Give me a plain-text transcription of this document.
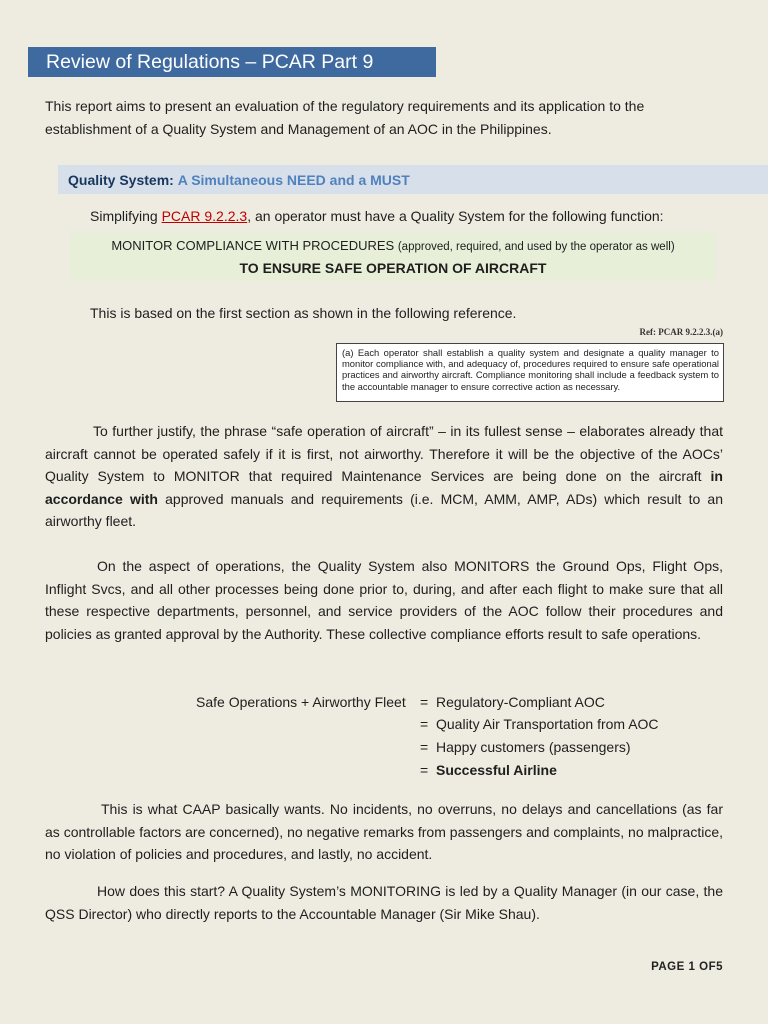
Review of Regulations – PCAR Part 9
This report aims to present an evaluation of the regulatory requirements and its application to the
establishment of a Quality System and Management of an AOC in the Philippines.
Quality System: A Simultaneous NEED and a MUST
Simplifying PCAR 9.2.2.3, an operator must have a Quality System for the following function:
MONITOR COMPLIANCE WITH PROCEDURES (approved, required, and used by the operator as well)
TO ENSURE SAFE OPERATION OF AIRCRAFT
This is based on the first section as shown in the following reference.
Ref: PCAR 9.2.2.3.(a)
(a) Each operator shall establish a quality system and designate a quality manager to monitor compliance with, and adequacy of, procedures required to ensure safe operational practices and airworthy aircraft. Compliance monitoring shall include a feedback system to the accountable manager to ensure corrective action as necessary.

To further justify, the phrase “safe operation of aircraft” – in its fullest sense – elaborates already that aircraft cannot be operated safely if it is first, not airworthy. Therefore it will be the objective of the AOCs’ Quality System to MONITOR that required Maintenance Services are being done on the aircraft in accordance with approved manuals and requirements (i.e. MCM, AMM, AMP, ADs) which result to an airworthy fleet.

On the aspect of operations, the Quality System also MONITORS the Ground Ops, Flight Ops, Inflight Svcs, and all other processes being done prior to, during, and after each flight to make sure that all these respective departments, personnel, and service providers of the AOC follow their procedures and policies as granted approval by the Authority. These collective compliance efforts result to safe operations.

Safe Operations + Airworthy Fleet = Regulatory-Compliant AOC
= Quality Air Transportation from AOC
= Happy customers (passengers)
= Successful Airline

This is what CAAP basically wants. No incidents, no overruns, no delays and cancellations (as far as controllable factors are concerned), no negative remarks from passengers and complaints, no malpractice, no violation of policies and procedures, and lastly, no accident.

How does this start? A Quality System’s MONITORING is led by a Quality Manager (in our case, the QSS Director) who directly reports to the Accountable Manager (Sir Mike Shau).

PAGE 1 OF5
